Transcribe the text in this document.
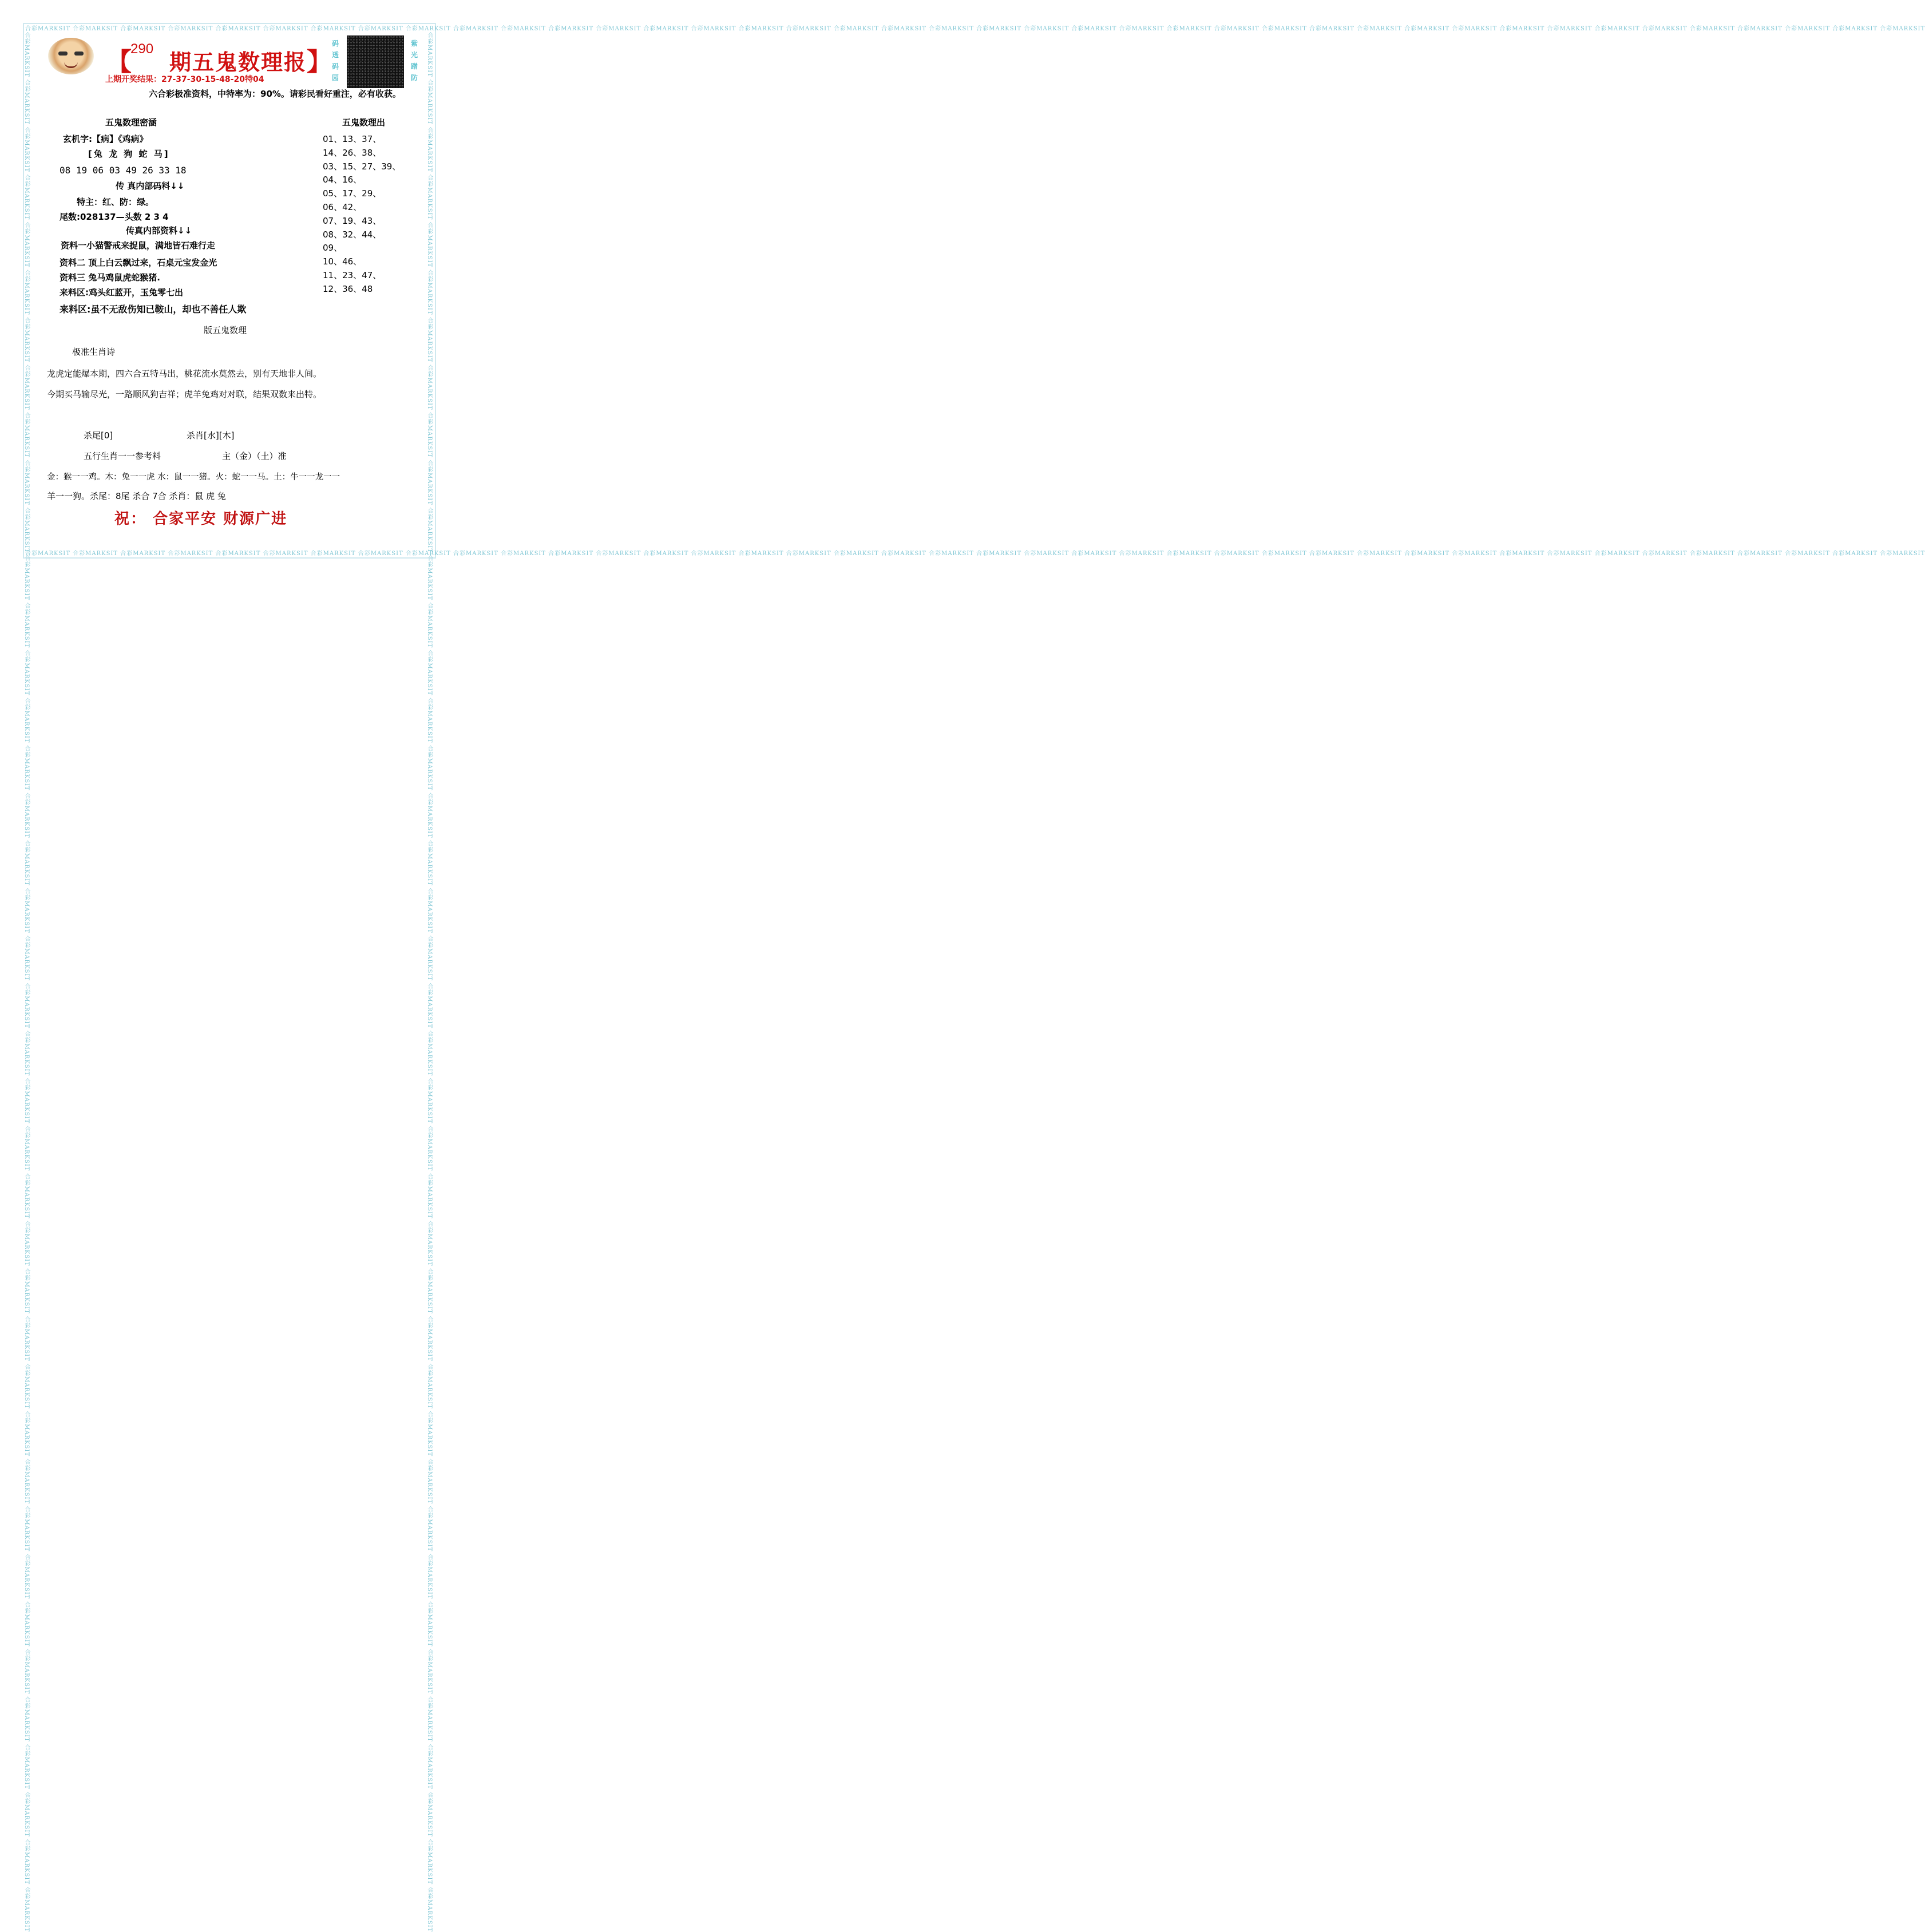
合彩MARKSIT 合彩MARKSIT 合彩MARKSIT 合彩MARKSIT 合彩MARKSIT 合彩MARKSIT 合彩MARKSIT 合彩MARKSIT 合彩MARKSIT 合彩MARKSIT 合彩MARKSIT 合彩MARKSIT 合彩MARKSIT 合彩MARKSIT 合彩MARKSIT 合彩MARKSIT 合彩MARKSIT 合彩MARKSIT 合彩MARKSIT 合彩MARKSIT 合彩MARKSIT 合彩MARKSIT 合彩MARKSIT 合彩MARKSIT 合彩MARKSIT 合彩MARKSIT 合彩MARKSIT 合彩MARKSIT 合彩MARKSIT 合彩MARKSIT 合彩MARKSIT 合彩MARKSIT 合彩MARKSIT 合彩MARKSIT 合彩MARKSIT 合彩MARKSIT 合彩MARKSIT 合彩MARKSIT 合彩MARKSIT 合彩MARKSIT
合彩MARKSIT 合彩MARKSIT 合彩MARKSIT 合彩MARKSIT 合彩MARKSIT 合彩MARKSIT 合彩MARKSIT 合彩MARKSIT 合彩MARKSIT 合彩MARKSIT 合彩MARKSIT 合彩MARKSIT 合彩MARKSIT 合彩MARKSIT 合彩MARKSIT 合彩MARKSIT 合彩MARKSIT 合彩MARKSIT 合彩MARKSIT 合彩MARKSIT 合彩MARKSIT 合彩MARKSIT 合彩MARKSIT 合彩MARKSIT 合彩MARKSIT 合彩MARKSIT 合彩MARKSIT 合彩MARKSIT 合彩MARKSIT 合彩MARKSIT 合彩MARKSIT 合彩MARKSIT 合彩MARKSIT 合彩MARKSIT 合彩MARKSIT 合彩MARKSIT 合彩MARKSIT 合彩MARKSIT 合彩MARKSIT 合彩MARKSIT
合彩MARKSIT 合彩MARKSIT 合彩MARKSIT 合彩MARKSIT 合彩MARKSIT 合彩MARKSIT 合彩MARKSIT 合彩MARKSIT 合彩MARKSIT 合彩MARKSIT 合彩MARKSIT 合彩MARKSIT 合彩MARKSIT 合彩MARKSIT 合彩MARKSIT 合彩MARKSIT 合彩MARKSIT 合彩MARKSIT 合彩MARKSIT 合彩MARKSIT 合彩MARKSIT 合彩MARKSIT 合彩MARKSIT 合彩MARKSIT 合彩MARKSIT 合彩MARKSIT 合彩MARKSIT 合彩MARKSIT 合彩MARKSIT 合彩MARKSIT 合彩MARKSIT 合彩MARKSIT 合彩MARKSIT 合彩MARKSIT 合彩MARKSIT 合彩MARKSIT 合彩MARKSIT 合彩MARKSIT 合彩MARKSIT 合彩MARKSIT	合彩MARKSIT 合彩MARKSIT 合彩MARKSIT 合彩MARKSIT 合彩MARKSIT 合彩MARKSIT 合彩MARKSIT 合彩MARKSIT 合彩MARKSIT 合彩MARKSIT 合彩MARKSIT 合彩MARKSIT 合彩MARKSIT 合彩MARKSIT 合彩MARKSIT 合彩MARKSIT 合彩MARKSIT 合彩MARKSIT 合彩MARKSIT 合彩MARKSIT 合彩MARKSIT 合彩MARKSIT 合彩MARKSIT 合彩MARKSIT 合彩MARKSIT 合彩MARKSIT 合彩MARKSIT 合彩MARKSIT 合彩MARKSIT 合彩MARKSIT 合彩MARKSIT 合彩MARKSIT 合彩MARKSIT 合彩MARKSIT 合彩MARKSIT 合彩MARKSIT 合彩MARKSIT 合彩MARKSIT 合彩MARKSIT 合彩MARKSIT
【
290
期五鬼数理报 】
上期开奖结果：27-37-30-15-48-20特04
码透码园
紫光蹭防
六合彩极准资料，中特率为：90%。请彩民看好重注，必有收获。
五鬼数理密涵	五鬼数理出
玄机字:【病】《鸡病》
[兔 龙 狗 蛇 马]
08 19 06 03 49 26 33 18
传 真内部码料↓↓
特主：红、防：绿。
尾数:028137—头数 2 3 4
传真内部资料↓↓
资料一小猫警戒来捉鼠，满地皆石难行走
资料二 顶上白云飘过来，石桌元宝发金光
资料三 兔马鸡鼠虎蛇猴猪.
来料区:鸡头红蓝开，玉兔零七出
来料区:虽不无敌伤知已鞍山，却也不善任人欺
01、13、37、
14、26、38、
03、15、27、39、
04、16、
05、17、29、
06、42、
07、19、43、
08、32、44、
09、
10、46、
11、23、47、
12、36、48
版五鬼数理
极准生肖诗
龙虎定能爆本期，四六合五特马出，桃花流水莫然去，别有天地非人间。
今期买马输尽光，一路顺风狗吉祥；虎羊兔鸡对对联，结果双数来出特。
杀尾[0]	杀肖[水][木]
五行生肖一一参考料	主（金）（土）准
金：猴一一鸡。木：兔一一虎 水：鼠一一猪。火：蛇一一马。土：牛一一龙一一
羊一一狗。杀尾：8尾 杀合 7合 杀肖：鼠 虎 兔
祝： 合家平安 财源广进
